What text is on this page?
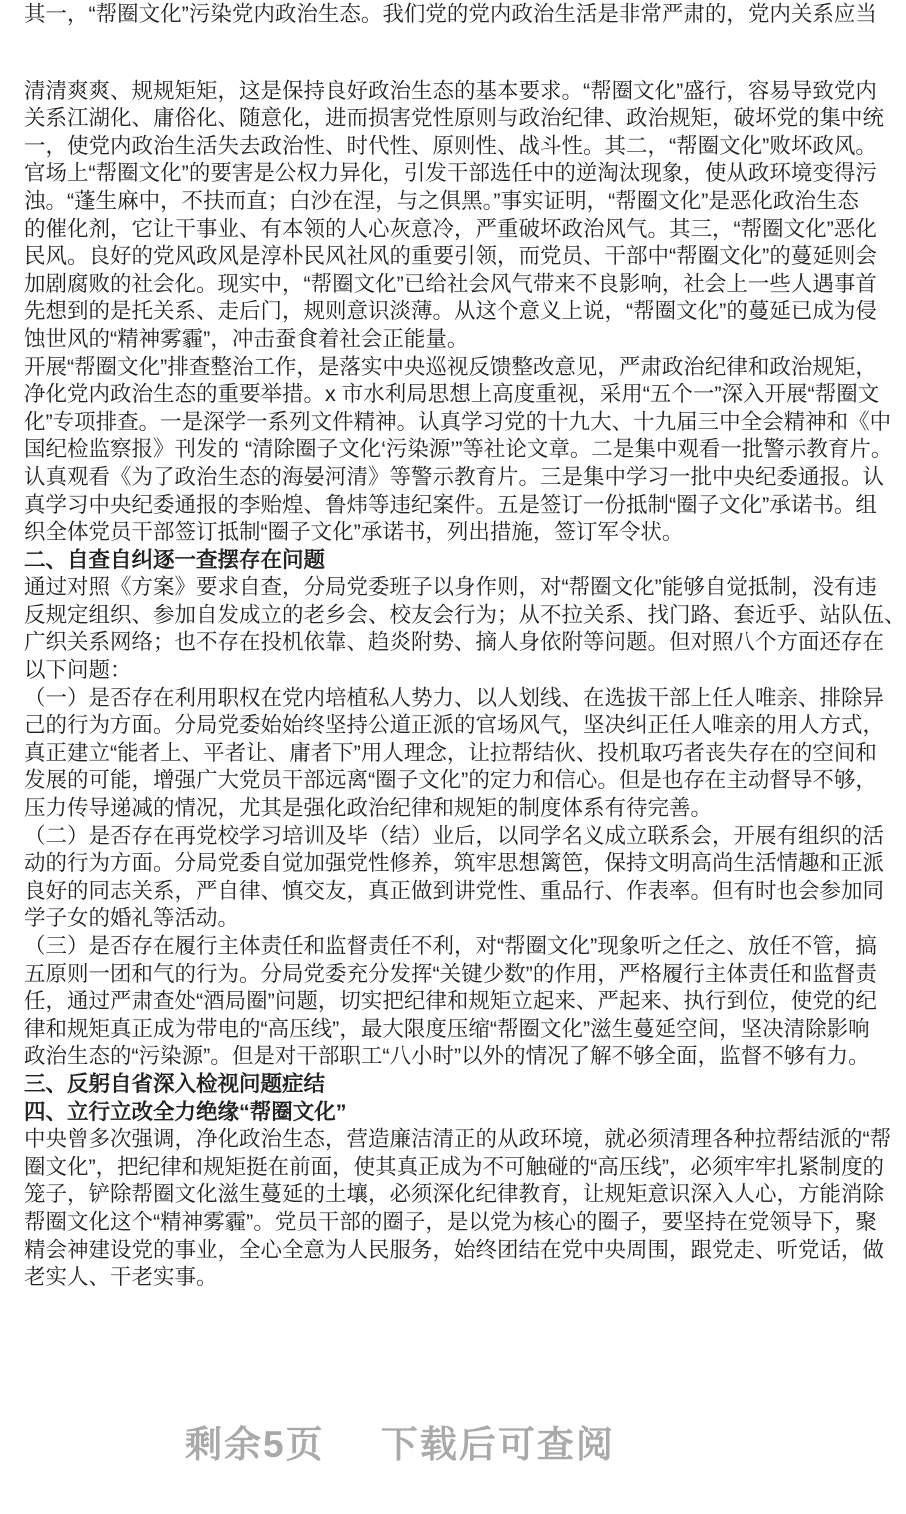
其一，“帮圈文化”污染党内政治生态。我们党的党内政治生活是非常严肃的，党内关系应当
清清爽爽、规规矩矩，这是保持良好政治生态的基本要求。“帮圈文化”盛行，容易导致党内
关系江湖化、庸俗化、随意化，进而损害党性原则与政治纪律、政治规矩，破坏党的集中统
一，使党内政治生活失去政治性、时代性、原则性、战斗性。其二，“帮圈文化”败坏政风。
官场上“帮圈文化”的要害是公权力异化，引发干部选任中的逆淘汰现象，使从政环境变得污
浊。“蓬生麻中，不扶而直；白沙在涅，与之俱黑。”事实证明，“帮圈文化”是恶化政治生态
的催化剂，它让干事业、有本领的人心灰意冷，严重破坏政治风气。其三，“帮圈文化”恶化
民风。良好的党风政风是淳朴民风社风的重要引领，而党员、干部中“帮圈文化”的蔓延则会
加剧腐败的社会化。现实中，“帮圈文化”已给社会风气带来不良影响，社会上一些人遇事首
先想到的是托关系、走后门，规则意识淡薄。从这个意义上说，“帮圈文化”的蔓延已成为侵
蚀世风的“精神雾霾”，冲击蚕食着社会正能量。
开展“帮圈文化”排查整治工作，是落实中央巡视反馈整改意见，严肃政治纪律和政治规矩，
净化党内政治生态的重要举措。x 市水利局思想上高度重视，采用“五个一”深入开展“帮圈文
化”专项排查。一是深学一系列文件精神。认真学习党的十九大、十九届三中全会精神和《中
国纪检监察报》刊发的 “清除圈子文化‘污染源’”等社论文章。二是集中观看一批警示教育片。
认真观看《为了政治生态的海晏河清》等警示教育片。三是集中学习一批中央纪委通报。认
真学习中央纪委通报的李贻煌、鲁炜等违纪案件。五是签订一份抵制“圈子文化”承诺书。组
织全体党员干部签订抵制“圈子文化”承诺书，列出措施，签订军令状。
二、自查自纠逐一查摆存在问题
通过对照《方案》要求自查，分局党委班子以身作则，对“帮圈文化”能够自觉抵制，没有违
反规定组织、参加自发成立的老乡会、校友会行为；从不拉关系、找门路、套近乎、站队伍、
广织关系网络；也不存在投机依靠、趋炎附势、摘人身依附等问题。但对照八个方面还存在
以下问题：
（一）是否存在利用职权在党内培植私人势力、以人划线、在选拔干部上任人唯亲、排除异
己的行为方面。分局党委始始终坚持公道正派的官场风气，坚决纠正任人唯亲的用人方式，
真正建立“能者上、平者让、庸者下”用人理念，让拉帮结伙、投机取巧者丧失存在的空间和
发展的可能，增强广大党员干部远离“圈子文化”的定力和信心。但是也存在主动督导不够，
压力传导递减的情况，尤其是强化政治纪律和规矩的制度体系有待完善。
（二）是否存在再党校学习培训及毕（结）业后，以同学名义成立联系会，开展有组织的活
动的行为方面。分局党委自觉加强党性修养，筑牢思想篱笆，保持文明高尚生活情趣和正派
良好的同志关系，严自律、慎交友，真正做到讲党性、重品行、作表率。但有时也会参加同
学子女的婚礼等活动。
（三）是否存在履行主体责任和监督责任不利，对“帮圈文化”现象听之任之、放任不管，搞
五原则一团和气的行为。分局党委充分发挥“关键少数”的作用，严格履行主体责任和监督责
任，通过严肃查处“酒局圈”问题，切实把纪律和规矩立起来、严起来、执行到位，使党的纪
律和规矩真正成为带电的“高压线”，最大限度压缩“帮圈文化”滋生蔓延空间，坚决清除影响
政治生态的“污染源”。但是对干部职工“八小时”以外的情况了解不够全面，监督不够有力。
三、反躬自省深入检视问题症结
四、立行立改全力绝缘“帮圈文化”
中央曾多次强调，净化政治生态，营造廉洁清正的从政环境，就必须清理各种拉帮结派的“帮
圈文化”，把纪律和规矩挺在前面，使其真正成为不可触碰的“高压线”，必须牢牢扎紧制度的
笼子，铲除帮圈文化滋生蔓延的土壤，必须深化纪律教育，让规矩意识深入人心，方能消除
帮圈文化这个“精神雾霾”。党员干部的圈子，是以党为核心的圈子，要坚持在党领导下，聚
精会神建设党的事业，全心全意为人民服务，始终团结在党中央周围，跟党走、听党话，做
老实人、干老实事。
剩余5页 下载后可查阅
